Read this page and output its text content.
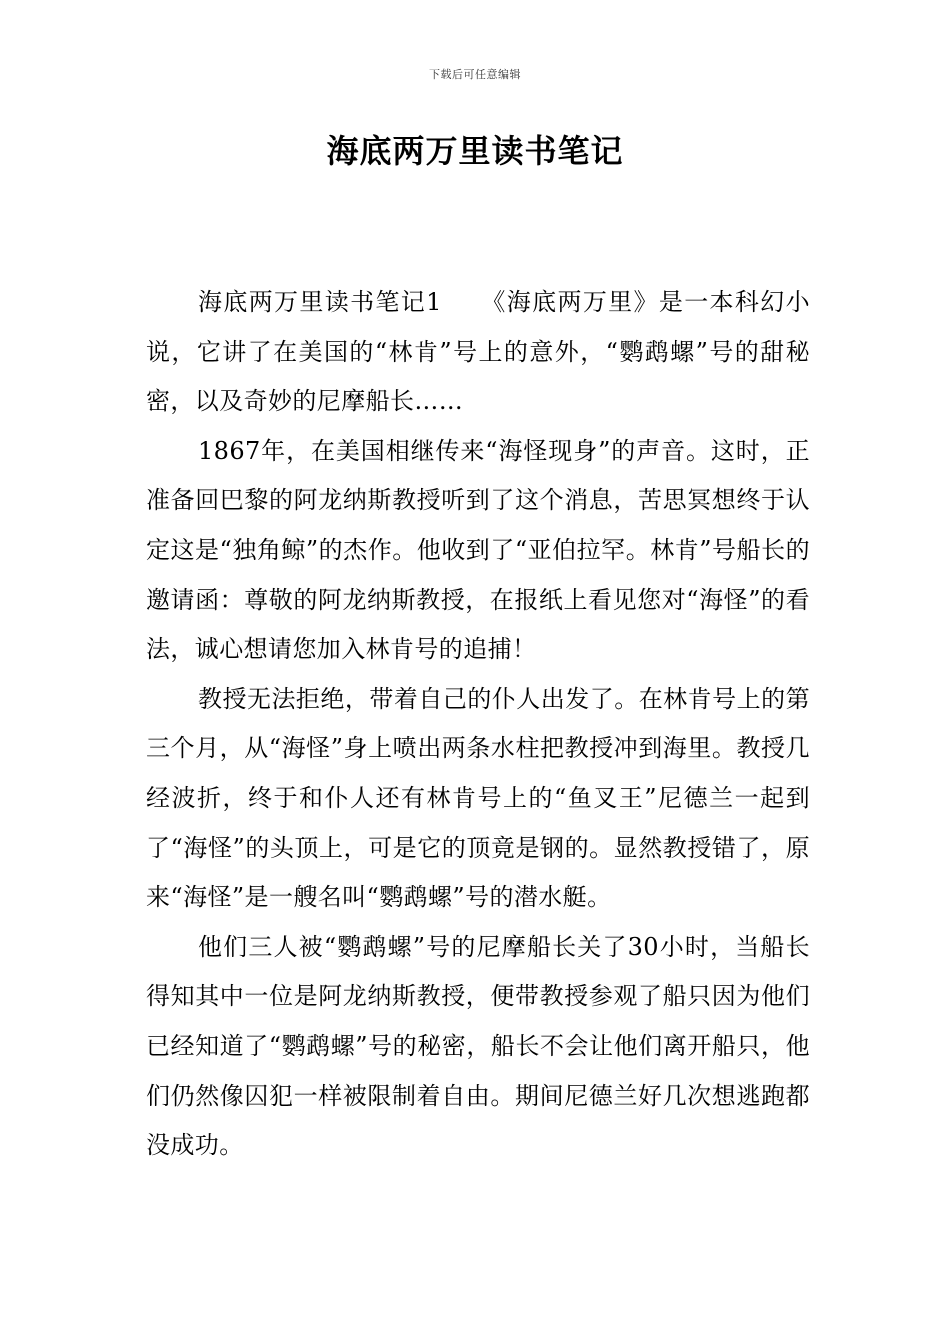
下载后可任意编辑
海底两万里读书笔记

海底两万里读书笔记1　　《海底两万里》是一本科幻小说，它讲了在美国的“林肯”号上的意外，“鹦鹉螺”号的甜秘密，以及奇妙的尼摩船长……

1867年，在美国相继传来“海怪现身”的声音。这时，正准备回巴黎的阿龙纳斯教授听到了这个消息，苦思冥想终于认定这是“独角鲸”的杰作。他收到了“亚伯拉罕。林肯”号船长的邀请函：尊敬的阿龙纳斯教授，在报纸上看见您对“海怪”的看法，诚心想请您加入林肯号的追捕！

教授无法拒绝，带着自己的仆人出发了。在林肯号上的第三个月，从“海怪”身上喷出两条水柱把教授冲到海里。教授几经波折，终于和仆人还有林肯号上的“鱼叉王”尼德兰一起到了“海怪”的头顶上，可是它的顶竟是钢的。显然教授错了，原来“海怪”是一艘名叫“鹦鹉螺”号的潜水艇。

他们三人被“鹦鹉螺”号的尼摩船长关了30小时，当船长得知其中一位是阿龙纳斯教授，便带教授参观了船只因为他们已经知道了“鹦鹉螺”号的秘密，船长不会让他们离开船只，他们仍然像囚犯一样被限制着自由。期间尼德兰好几次想逃跑都没成功。
